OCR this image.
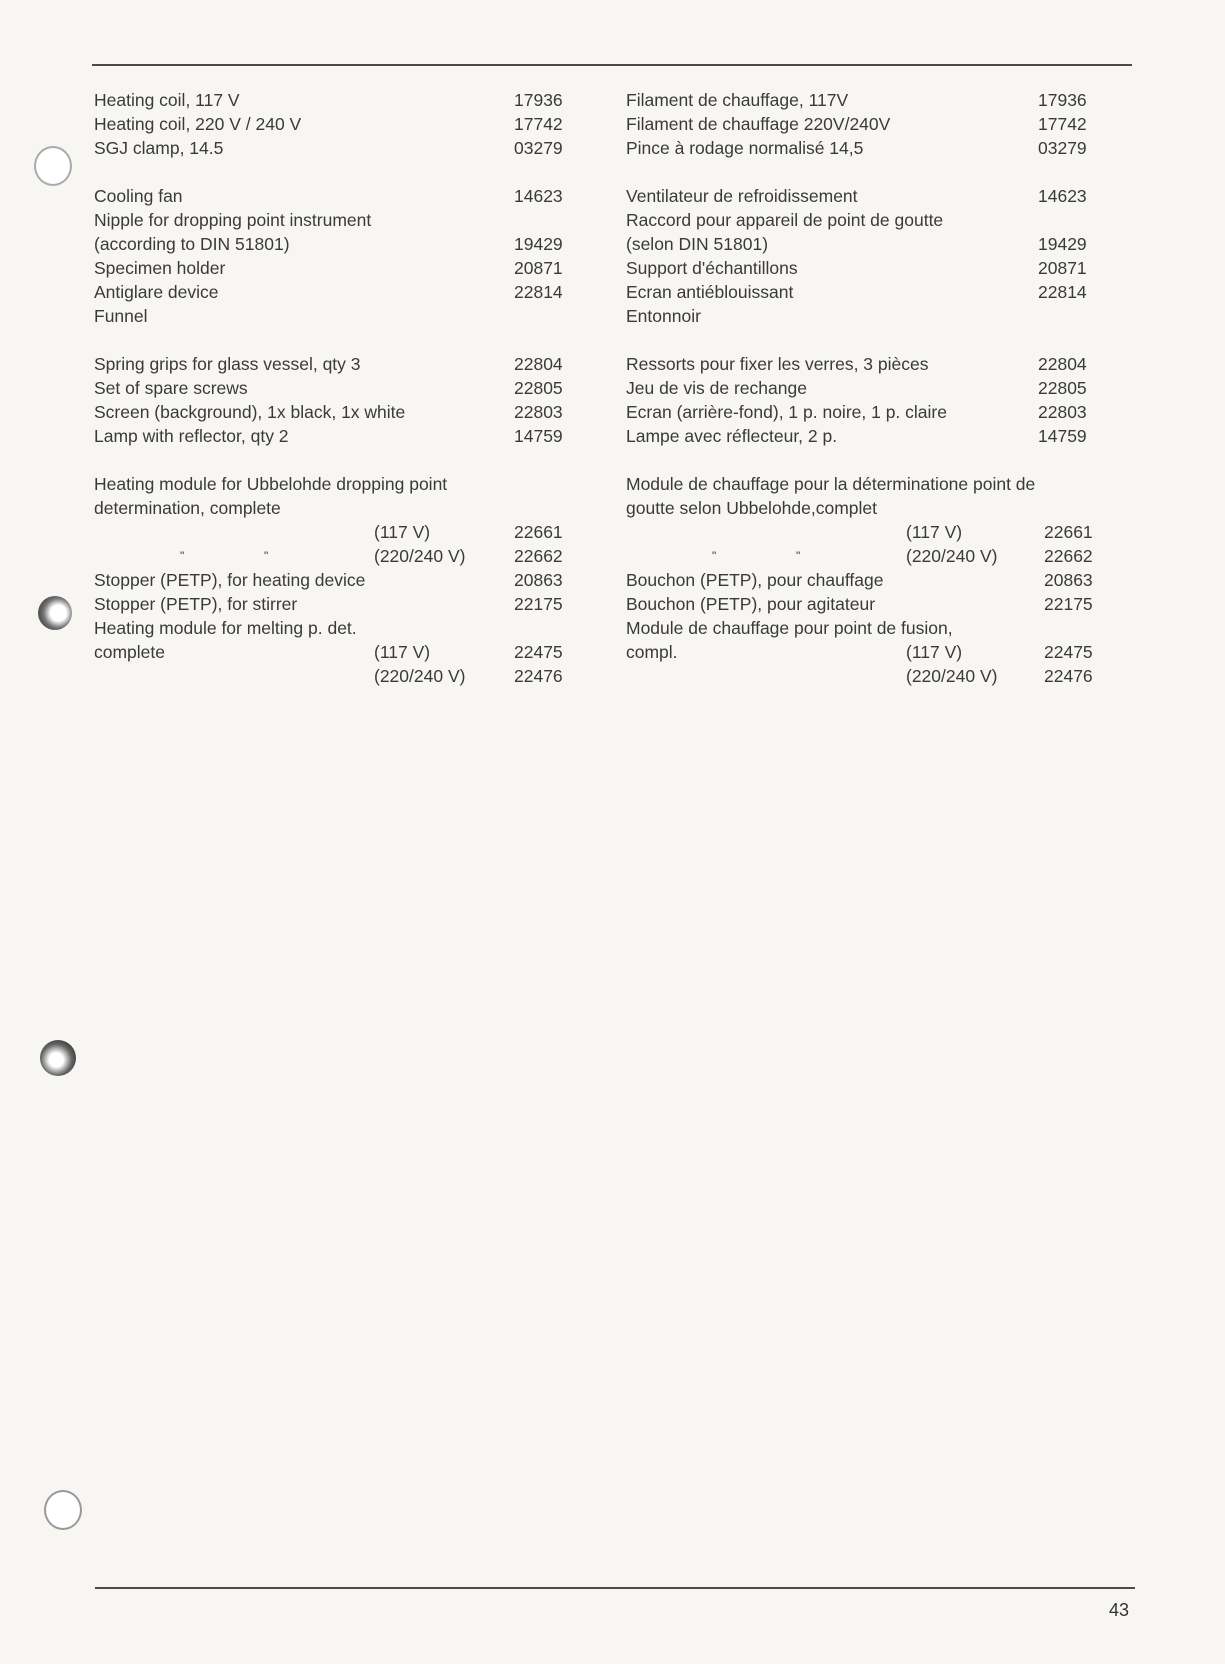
Heating coil, 117 V	17936
Heating coil, 220 V / 240 V	17742
SGJ clamp, 14.5	03279
Cooling fan	14623
Nipple for dropping point instrument
(according to DIN 51801)	19429
Specimen holder	20871
Antiglare device	22814
Funnel
Spring grips for glass vessel, qty 3	22804
Set of spare screws	22805
Screen (background), 1x black, 1x white	22803
Lamp with reflector, qty 2	14759
Heating module for Ubbelohde dropping point
determination, complete
(117 V)	22661
"	"	(220/240 V)	22662
Stopper (PETP), for heating device	20863
Stopper (PETP), for stirrer	22175
Heating module for melting p. det.
complete	(117 V)	22475
(220/240 V)	22476
Filament de chauffage, 117V	17936
Filament de chauffage 220V/240V	17742
Pince à rodage normalisé 14,5	03279
Ventilateur de refroidissement	14623
Raccord pour appareil de point de goutte
(selon DIN 51801)	19429
Support d'échantillons	20871
Ecran antiéblouissant	22814
Entonnoir
Ressorts pour fixer les verres, 3 pièces	22804
Jeu de vis de rechange	22805
Ecran (arrière-fond), 1 p. noire, 1 p. claire	22803
Lampe avec réflecteur, 2 p.	14759
Module de chauffage pour la déterminatione point de
goutte selon Ubbelohde,complet
(117 V)	22661
"	"	(220/240 V)	22662
Bouchon (PETP), pour chauffage	20863
Bouchon (PETP), pour agitateur	22175
Module de chauffage pour point de fusion,
compl.	(117 V)	22475
(220/240 V)	22476
43
